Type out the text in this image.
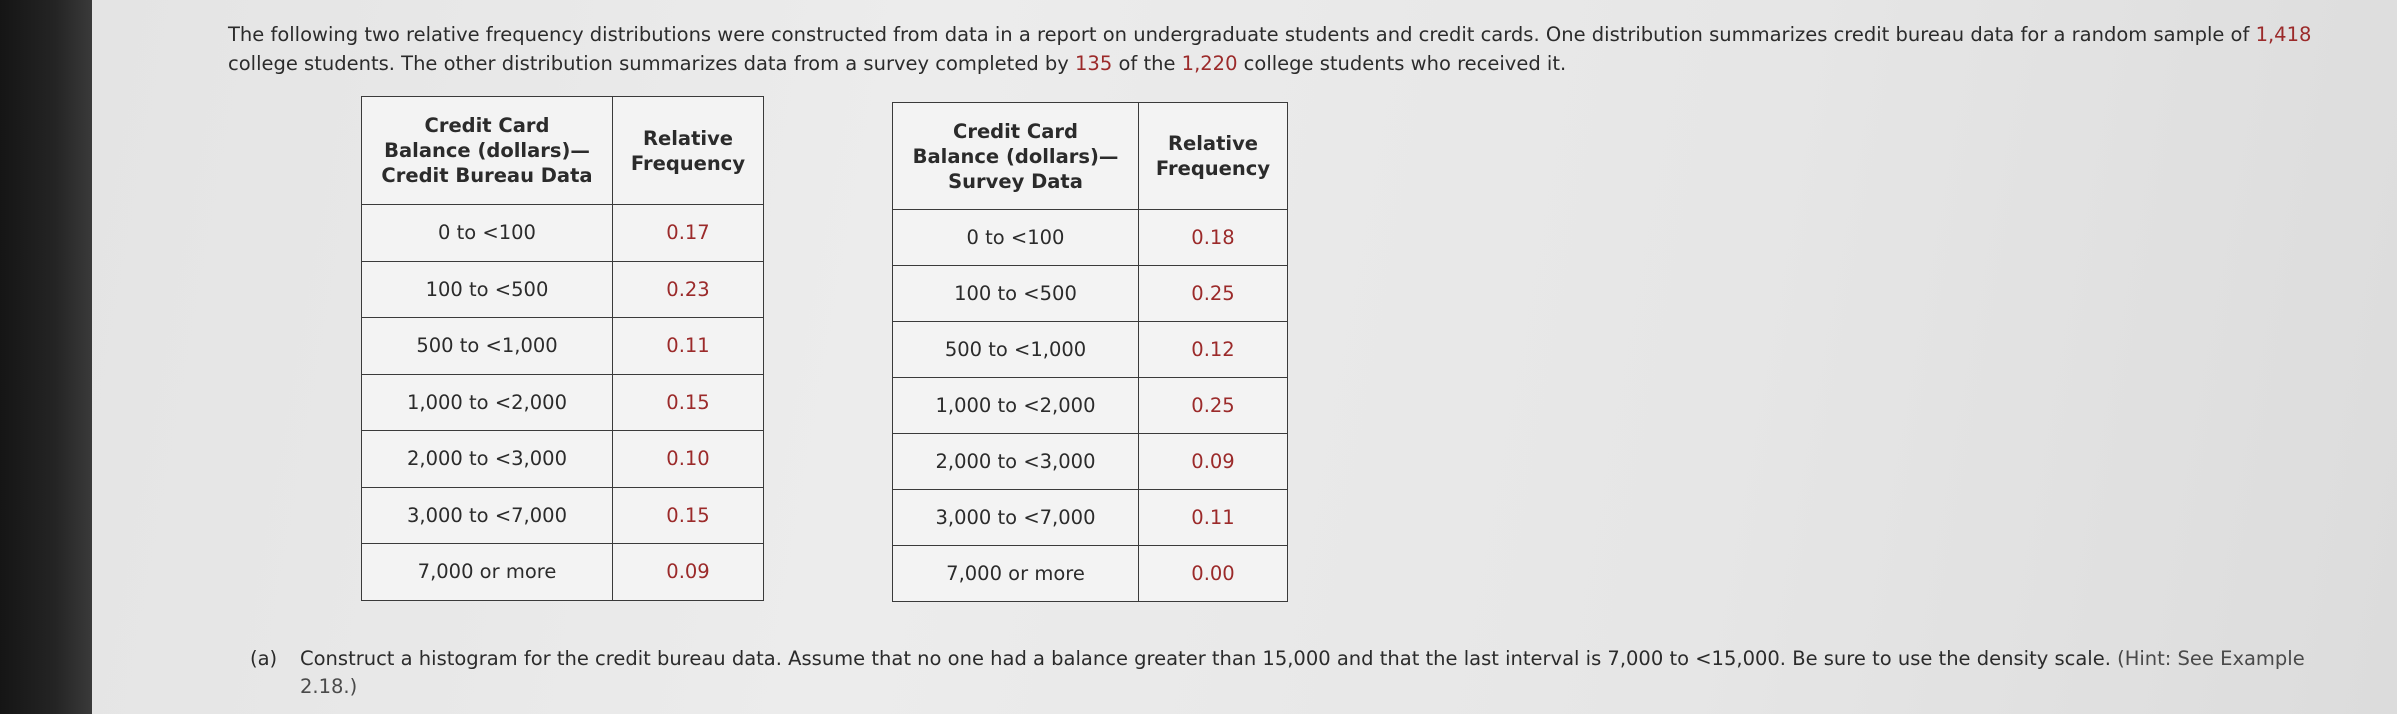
The following two relative frequency distributions were constructed from data in a report on undergraduate students and credit cards. One distribution summarizes credit bureau data for a random sample of 1,418 college students. The other distribution summarizes data from a survey completed by 135 of the 1,220 college students who received it.

Credit Card
Balance (dollars)—
Credit Bureau Data	Relative
Frequency
0 to <100	0.17
100 to <500	0.23
500 to <1,000	0.11
1,000 to <2,000	0.15
2,000 to <3,000	0.10
3,000 to <7,000	0.15
7,000 or more	0.09
Credit Card
Balance (dollars)—
Survey Data	Relative
Frequency
0 to <100	0.18
100 to <500	0.25
500 to <1,000	0.12
1,000 to <2,000	0.25
2,000 to <3,000	0.09
3,000 to <7,000	0.11
7,000 or more	0.00
(a) Construct a histogram for the credit bureau data. Assume that no one had a balance greater than 15,000 and that the last interval is 7,000 to <15,000. Be sure to use the density scale. (Hint: See Example 2.18.)
